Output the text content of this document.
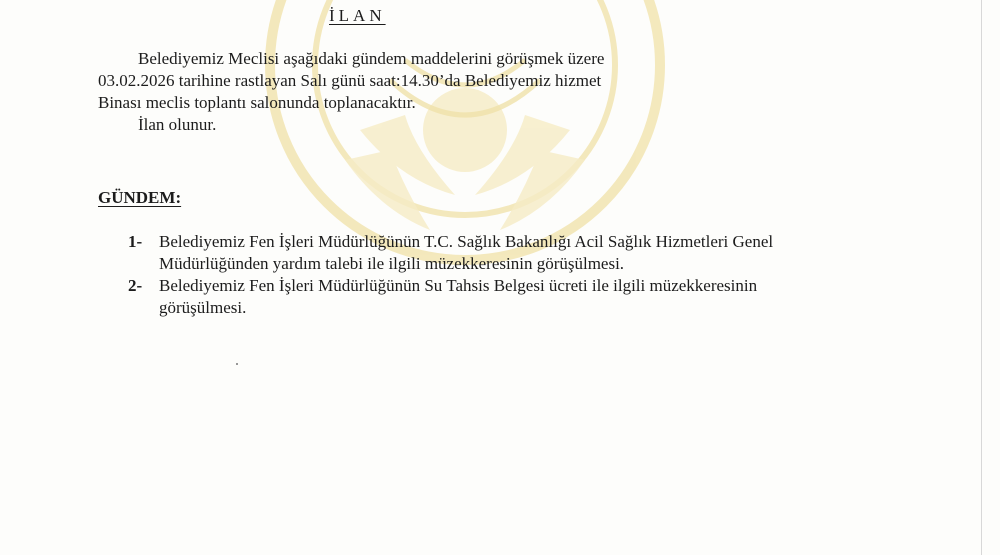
İLAN
Belediyemiz Meclisi aşağıdaki gündem maddelerini görüşmek üzere
03.02.2026 tarihine rastlayan Salı günü saat:14.30’da Belediyemiz hizmet
Binası meclis toplantı salonunda toplanacaktır.
İlan olunur.
GÜNDEM:
1- Belediyemiz Fen İşleri Müdürlüğünün T.C. Sağlık Bakanlığı Acil Sağlık Hizmetleri Genel
Müdürlüğünden yardım talebi ile ilgili müzekkeresinin görüşülmesi.
2- Belediyemiz Fen İşleri Müdürlüğünün Su Tahsis Belgesi ücreti ile ilgili müzekkeresinin
görüşülmesi.
